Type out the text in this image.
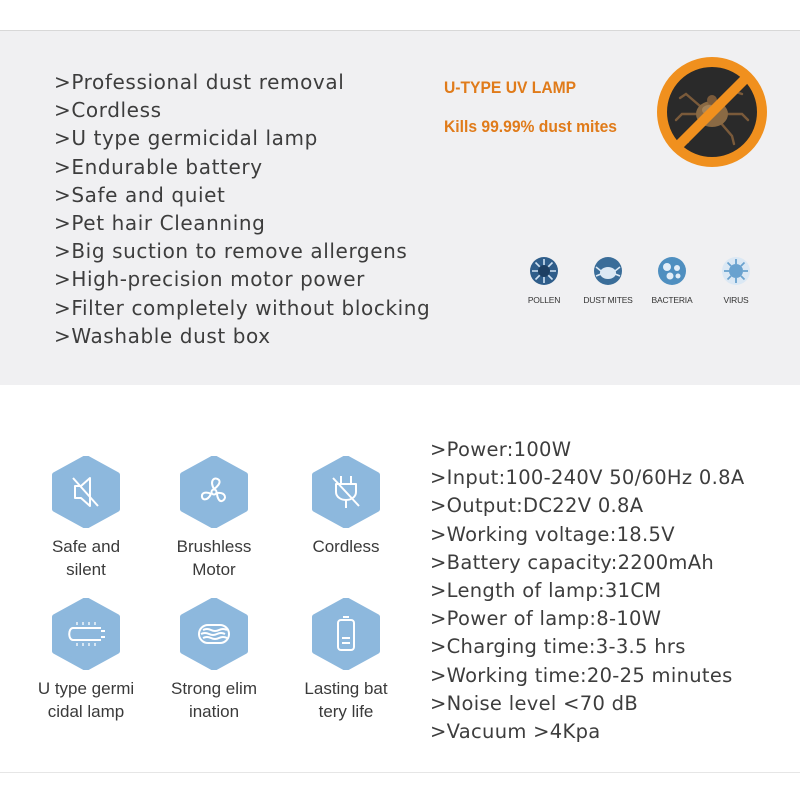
>Professional dust removal
>Cordless
>U type germicidal lamp
>Endurable battery
>Safe and quiet
>Pet hair Cleanning
>Big suction to remove allergens
>High-precision motor power
>Filter completely without blocking
>Washable dust box
U-TYPE UV LAMP
Kills 99.99% dust mites
POLLEN	DUST MITES	BACTERIA	VIRUS
Safe and
silent
Brushless
Motor
Cordless
U type germi
cidal lamp
Strong elim
ination
Lasting bat
tery life
>Power:100W
>Input:100-240V 50/60Hz 0.8A
>Output:DC22V 0.8A
>Working voltage:18.5V
>Battery capacity:2200mAh
>Length of lamp:31CM
>Power of lamp:8-10W
>Charging time:3-3.5 hrs
>Working time:20-25 minutes
>Noise level <70 dB
>Vacuum >4Kpa
